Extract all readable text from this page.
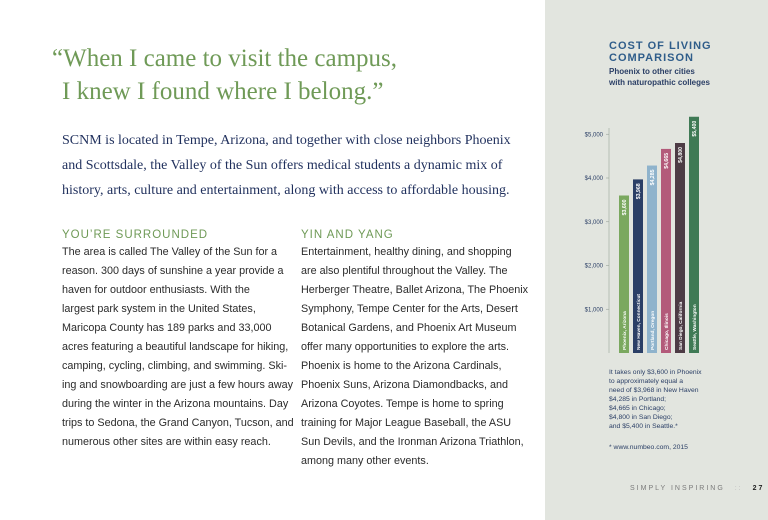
“When I came to visit the campus,
I knew I found where I belong.”
SCNM is located in Tempe, Arizona, and together with close neighbors Phoenix
and Scottsdale, the Valley of the Sun offers medical students a dynamic mix of
history, arts, culture and entertainment, along with access to affordable housing.
YOU’RE SURROUNDED
The area is called The Valley of the Sun for a
reason. 300 days of sunshine a year provide a
haven for outdoor enthusiasts. With the
largest park system in the United States,
Maricopa County has 189 parks and 33,000
acres featuring a beautiful landscape for hiking,
camping, cycling, climbing, and swimming. Ski-
ing and snowboarding are just a few hours away
during the winter in the Arizona mountains. Day
trips to Sedona, the Grand Canyon, Tucson, and
numerous other sites are within easy reach.
YIN AND YANG
Entertainment, healthy dining, and shopping
are also plentiful throughout the Valley. The
Herberger Theatre, Ballet Arizona, The Phoenix
Symphony, Tempe Center for the Arts, Desert
Botanical Gardens, and Phoenix Art Museum
offer many opportunities to explore the arts.
Phoenix is home to the Arizona Cardinals,
Phoenix Suns, Arizona Diamondbacks, and
Arizona Coyotes. Tempe is home to spring
training for Major League Baseball, the ASU
Sun Devils, and the Ironman Arizona Triathlon,
among many other events.
COST OF LIVING
COMPARISON
Phoenix to other cities
with naturopathic colleges
$1,000
$2,000
$3,000
$4,000
$5,000
$3,600
Phoenix, Arizona
$3,968
New Haven, Connecticut
$4,285
Portland, Oregon
$4,665
Chicago, Illinois
$4,800
San Diego, California
$5,400
Seattle, Washington
It takes only $3,600 in Phoenix
to approximately equal a
need of $3,968 in New Haven
$4,285 in Portland;
$4,665 in Chicago;
$4,800 in San Diego;
and $5,400 in Seattle.*
* www.numbeo.com, 2015
SIMPLY INSPIRING :: 27
